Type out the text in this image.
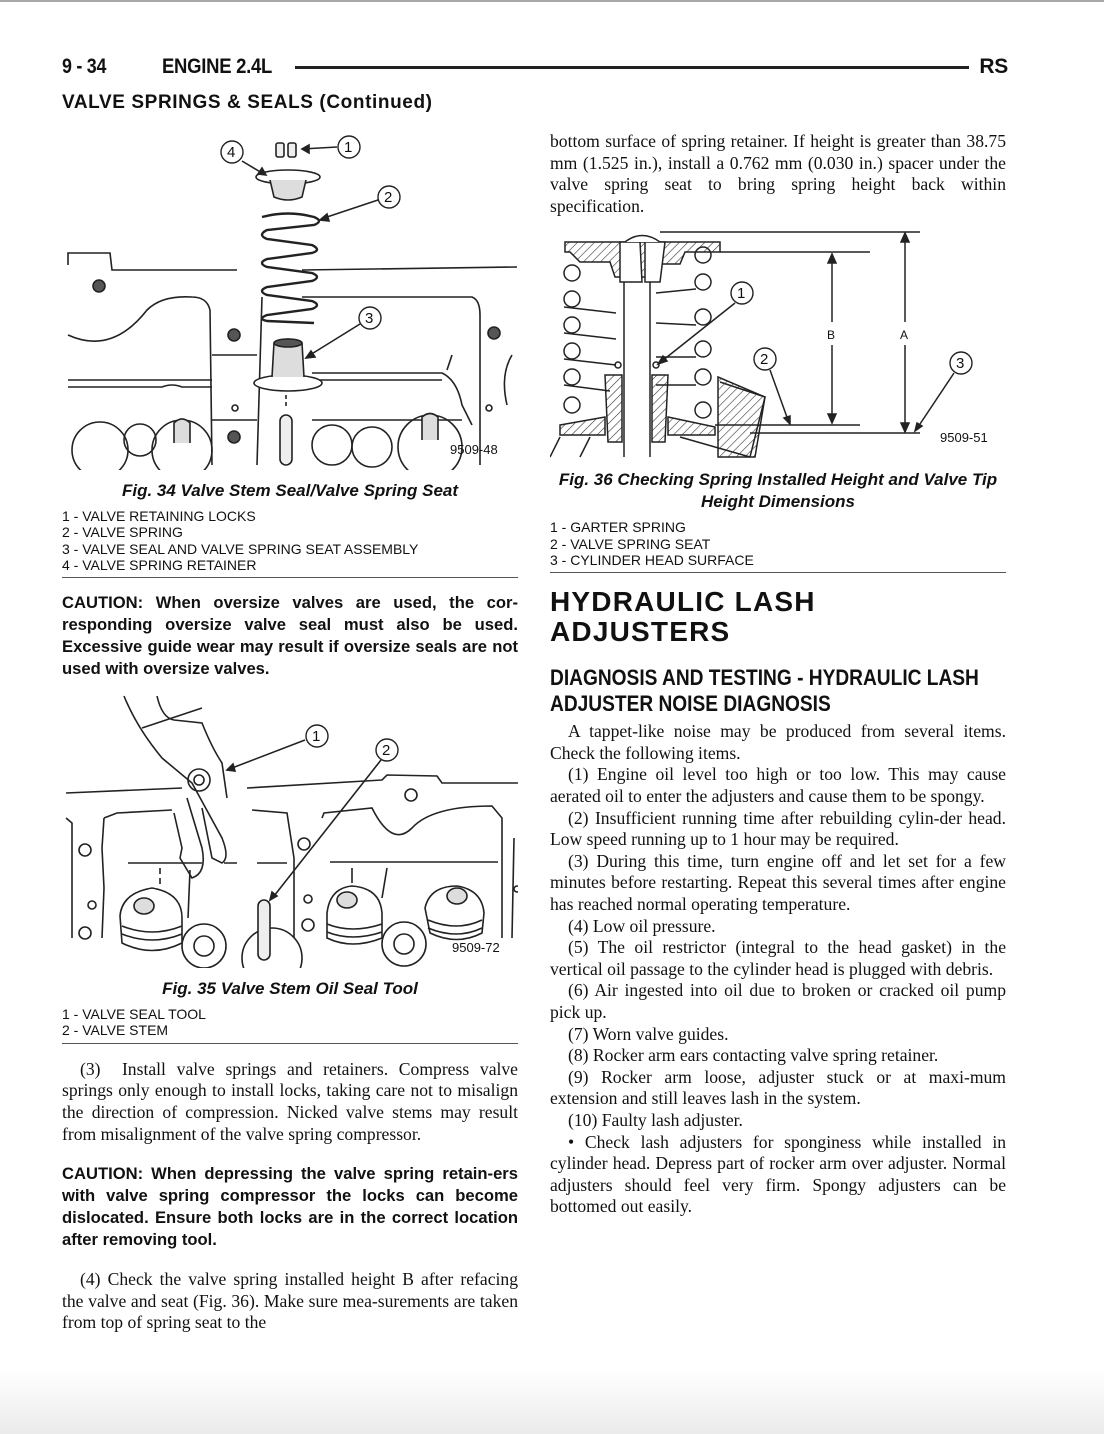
9 - 34	ENGINE 2.4L	RS
VALVE SPRINGS & SEALS (Continued)
4	1
2
3
9509-48
Fig. 34 Valve Stem Seal/Valve Spring Seat
1 - VALVE RETAINING LOCKS
2 - VALVE SPRING
3 - VALVE SEAL AND VALVE SPRING SEAT ASSEMBLY
4 - VALVE SPRING RETAINER
CAUTION: When oversize valves are used, the cor-responding oversize valve seal must also be used. Excessive guide wear may result if oversize seals are not used with oversize valves.
1
2
9509-72
Fig. 35 Valve Stem Oil Seal Tool
1 - VALVE SEAL TOOL
2 - VALVE STEM

(3)  Install valve springs and retainers. Compress valve springs only enough to install locks, taking care not to misalign the direction of compression. Nicked valve stems may result from misalignment of the valve spring compressor.

CAUTION: When depressing the valve spring retain-ers with valve spring compressor the locks can become dislocated. Ensure both locks are in the correct location after removing tool.

(4) Check the valve spring installed height B after refacing the valve and seat (Fig. 36). Make sure mea-surements are taken from top of spring seat to the

bottom surface of spring retainer. If height is greater than 38.75 mm (1.525 in.), install a 0.762 mm (0.030 in.) spacer under the valve spring seat to bring spring height back within specification.

1
2	3
B	A
9509-51
Fig. 36 Checking Spring Installed Height and Valve Tip Height Dimensions
1 - GARTER SPRING
2 - VALVE SPRING SEAT
3 - CYLINDER HEAD SURFACE
HYDRAULIC LASH ADJUSTERS
DIAGNOSIS AND TESTING - HYDRAULIC LASH ADJUSTER NOISE DIAGNOSIS

A tappet-like noise may be produced from several items. Check the following items.

(1) Engine oil level too high or too low. This may cause aerated oil to enter the adjusters and cause them to be spongy.

(2) Insufficient running time after rebuilding cylin-der head. Low speed running up to 1 hour may be required.

(3) During this time, turn engine off and let set for a few minutes before restarting. Repeat this several times after engine has reached normal operating temperature.

(4) Low oil pressure.

(5) The oil restrictor (integral to the head gasket) in the vertical oil passage to the cylinder head is plugged with debris.

(6) Air ingested into oil due to broken or cracked oil pump pick up.

(7) Worn valve guides.

(8) Rocker arm ears contacting valve spring retainer.

(9) Rocker arm loose, adjuster stuck or at maxi-mum extension and still leaves lash in the system.

(10) Faulty lash adjuster.

• Check lash adjusters for sponginess while installed in cylinder head. Depress part of rocker arm over adjuster. Normal adjusters should feel very firm. Spongy adjusters can be bottomed out easily.
